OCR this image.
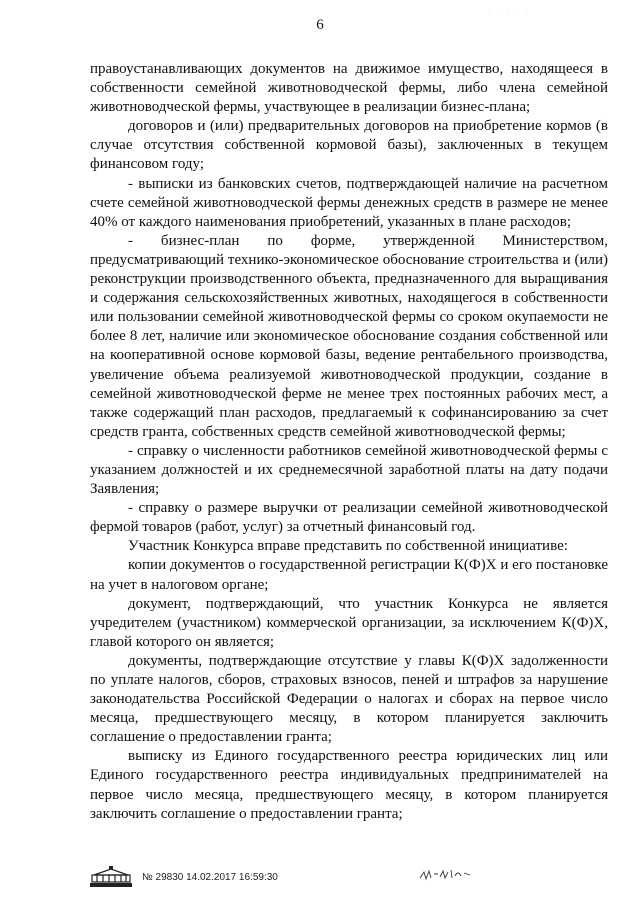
6
· · · · ·

правоустанавливающих документов на движимое имущество, находящееся в собственности семейной животноводческой фермы, либо члена семейной животноводческой фермы, участвующее в реализации бизнес-плана;

договоров и (или) предварительных договоров на приобретение кормов (в случае отсутствия собственной кормовой базы), заключенных в текущем финансовом году;

- выписки из банковских счетов, подтверждающей наличие на расчетном счете семейной животноводческой фермы денежных средств в размере не менее 40% от каждого наименования приобретений, указанных в плане расходов;

- бизнес-план по форме, утвержденной Министерством, предусматривающий технико-экономическое обоснование строительства и (или) реконструкции производственного объекта, предназначенного для выращивания и содержания сельскохозяйственных животных, находящегося в собственности или пользовании семейной животноводческой фермы со сроком окупаемости не более 8 лет, наличие или экономическое обоснование создания собственной или на кооперативной основе кормовой базы, ведение рентабельного производства, увеличение объема реализуемой животноводческой продукции, создание в семейной животноводческой ферме не менее трех постоянных рабочих мест, а также содержащий план расходов, предлагаемый к софинансированию за счет средств гранта, собственных средств семейной животноводческой фермы;

- справку о численности работников семейной животноводческой фермы с указанием должностей и их среднемесячной заработной платы на дату подачи Заявления;

- справку о размере выручки от реализации семейной животноводческой фермой товаров (работ, услуг) за отчетный финансовый год.

Участник Конкурса вправе представить по собственной инициативе:

копии документов о государственной регистрации К(Ф)Х и его постановке на учет в налоговом органе;

документ, подтверждающий, что участник Конкурса не является учредителем (участником) коммерческой организации, за исключением К(Ф)Х, главой которого он является;

документы, подтверждающие отсутствие у главы К(Ф)Х задолженности по уплате налогов, сборов, страховых взносов, пеней и штрафов за нарушение законодательства Российской Федерации о налогах и сборах на первое число месяца, предшествующего месяцу, в котором планируется заключить соглашение о предоставлении гранта;

выписку из Единого государственного реестра юридических лиц или Единого государственного реестра индивидуальных предпринимателей на первое число месяца, предшествующего месяцу, в котором планируется заключить соглашение о предоставлении гранта;

№ 29830 14.02.2017 16:59:30
